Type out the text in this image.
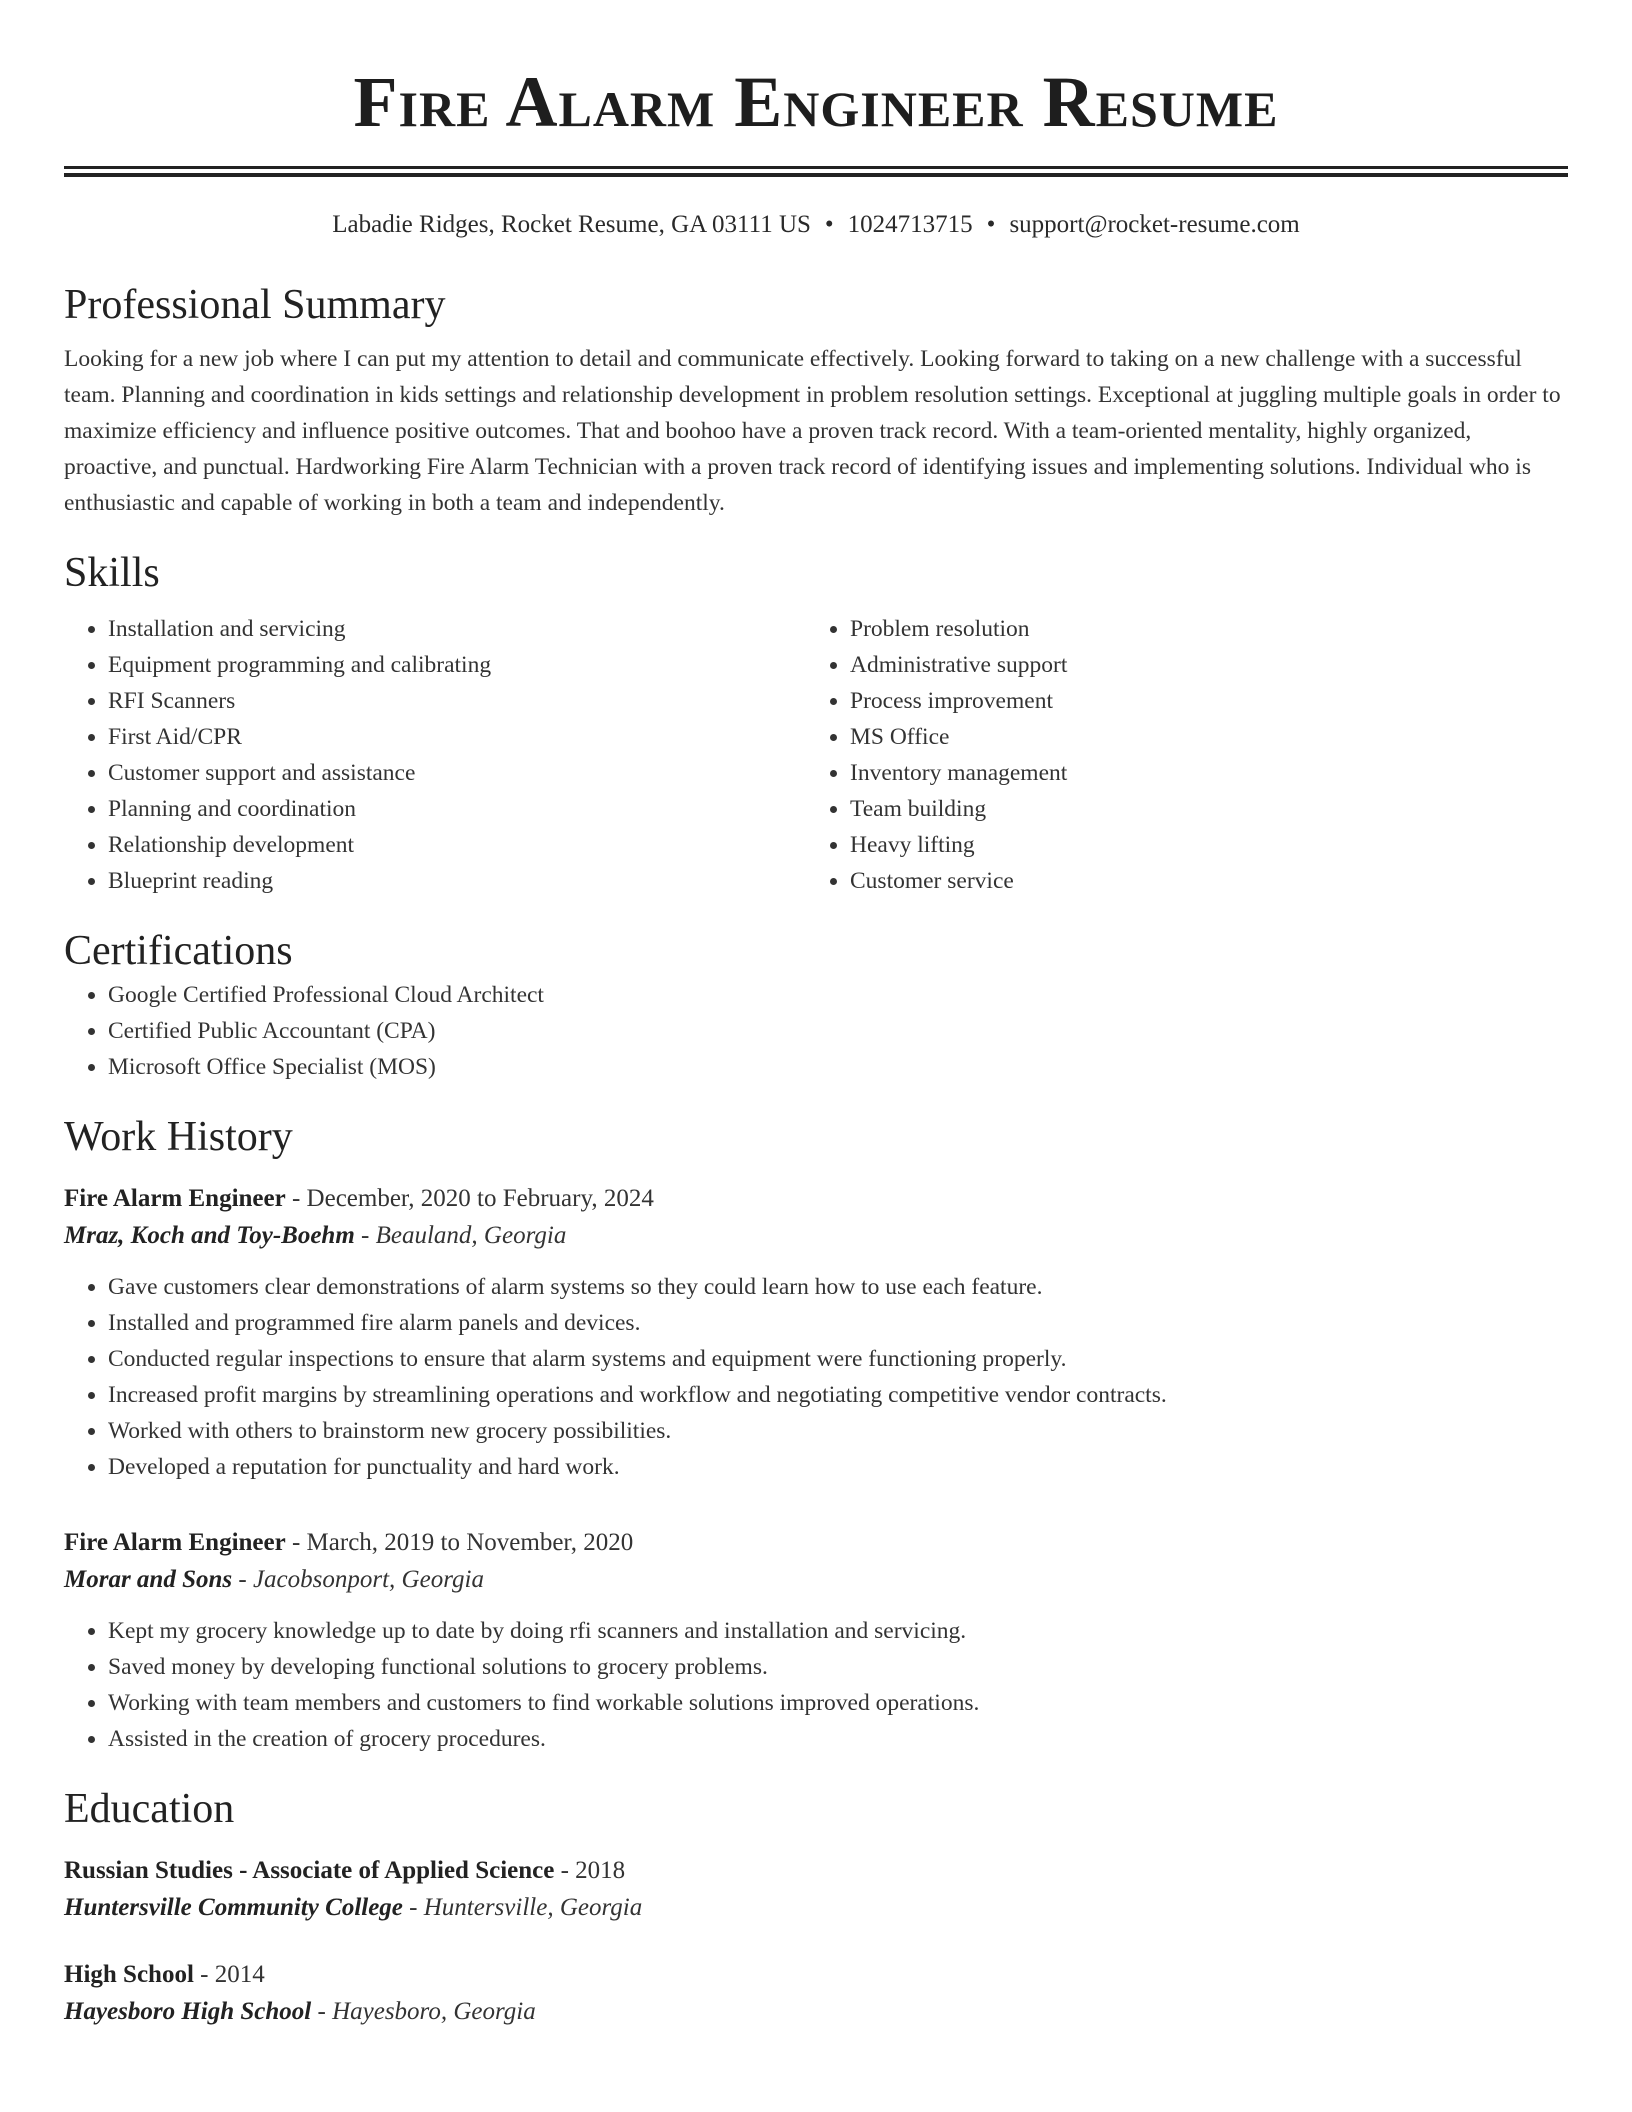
Fire Alarm Engineer Resume
Labadie Ridges, Rocket Resume, GA 03111 US • 1024713715 • support@rocket-resume.com
Professional Summary

Looking for a new job where I can put my attention to detail and communicate effectively. Looking forward to taking on a new challenge with a successful team. Planning and coordination in kids settings and relationship development in problem resolution settings. Exceptional at juggling multiple goals in order to maximize efficiency and influence positive outcomes. That and boohoo have a proven track record. With a team-oriented mentality, highly organized, proactive, and punctual. Hardworking Fire Alarm Technician with a proven track record of identifying issues and implementing solutions. Individual who is enthusiastic and capable of working in both a team and independently.

Skills
• Installation and servicing
• Equipment programming and calibrating
• RFI Scanners
• First Aid/CPR
• Customer support and assistance
• Planning and coordination
• Relationship development
• Blueprint reading
• Problem resolution
• Administrative support
• Process improvement
• MS Office
• Inventory management
• Team building
• Heavy lifting
• Customer service
Certifications
• Google Certified Professional Cloud Architect
• Certified Public Accountant (CPA)
• Microsoft Office Specialist (MOS)
Work History
Fire Alarm Engineer - December, 2020 to February, 2024
Mraz, Koch and Toy-Boehm - Beauland, Georgia
• Gave customers clear demonstrations of alarm systems so they could learn how to use each feature.
• Installed and programmed fire alarm panels and devices.
• Conducted regular inspections to ensure that alarm systems and equipment were functioning properly.
• Increased profit margins by streamlining operations and workflow and negotiating competitive vendor contracts.
• Worked with others to brainstorm new grocery possibilities.
• Developed a reputation for punctuality and hard work.
Fire Alarm Engineer - March, 2019 to November, 2020
Morar and Sons - Jacobsonport, Georgia
• Kept my grocery knowledge up to date by doing rfi scanners and installation and servicing.
• Saved money by developing functional solutions to grocery problems.
• Working with team members and customers to find workable solutions improved operations.
• Assisted in the creation of grocery procedures.
Education
Russian Studies - Associate of Applied Science - 2018
Huntersville Community College - Huntersville, Georgia
High School - 2014
Hayesboro High School - Hayesboro, Georgia
